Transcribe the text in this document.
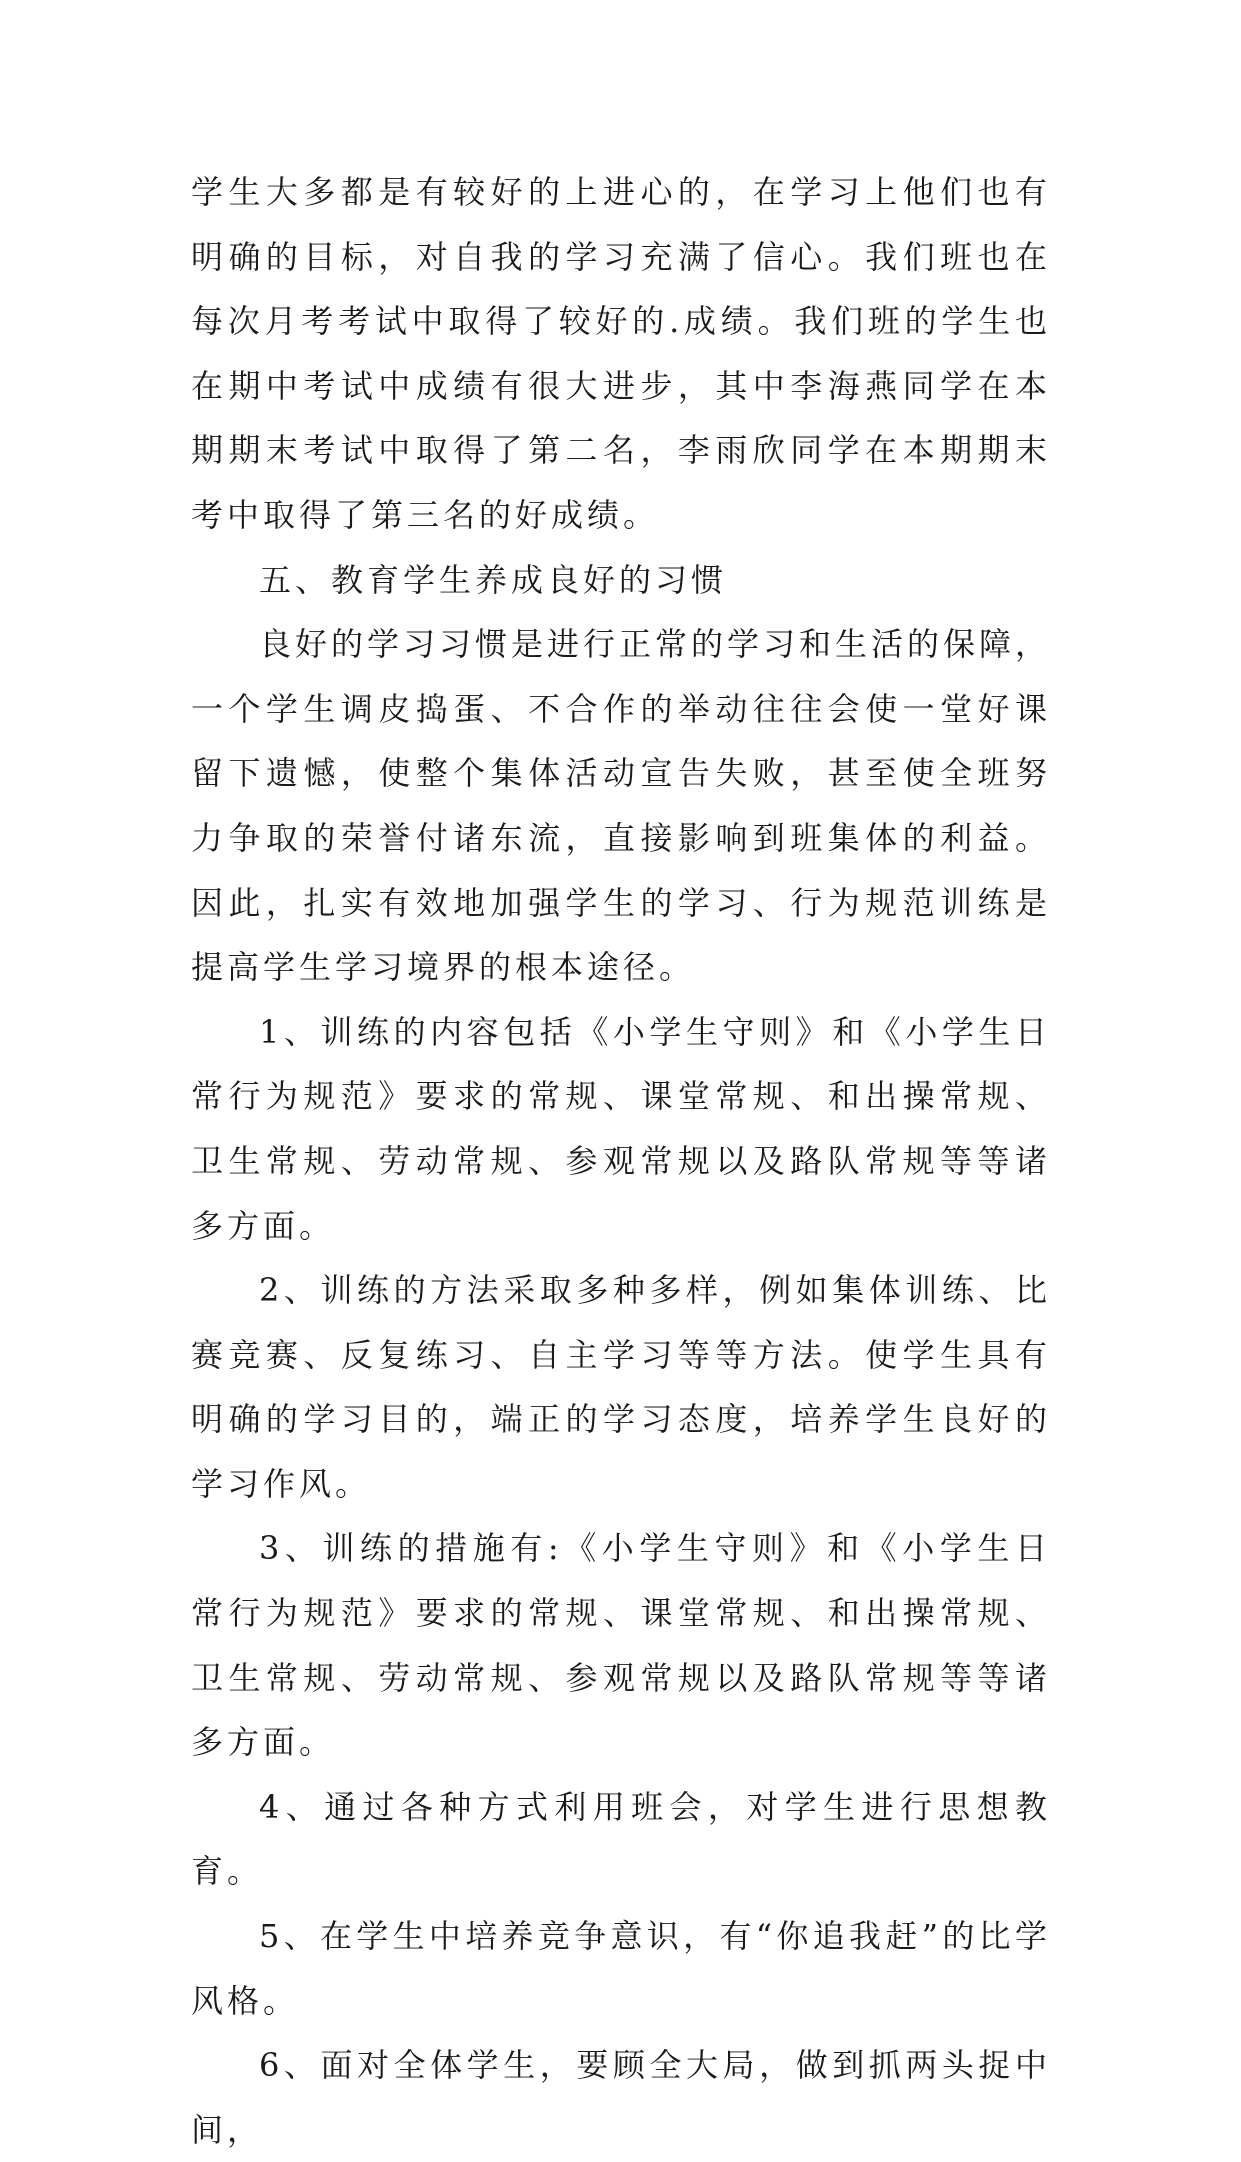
学生大多都是有较好的上进心的，在学习上他们也有明确的目标，对自我的学习充满了信心。我们班也在每次月考考试中取得了较好的.成绩。我们班的学生也在期中考试中成绩有很大进步，其中李海燕同学在本期期末考试中取得了第二名，李雨欣同学在本期期末考中取得了第三名的好成绩。

五、教育学生养成良好的习惯

良好的学习习惯是进行正常的学习和生活的保障，一个学生调皮捣蛋、不合作的举动往往会使一堂好课留下遗憾，使整个集体活动宣告失败，甚至使全班努力争取的荣誉付诸东流，直接影响到班集体的利益。因此，扎实有效地加强学生的学习、行为规范训练是提高学生学习境界的根本途径。

1、训练的内容包括《小学生守则》和《小学生日常行为规范》要求的常规、课堂常规、和出操常规、卫生常规、劳动常规、参观常规以及路队常规等等诸多方面。

2、训练的方法采取多种多样，例如集体训练、比赛竞赛、反复练习、自主学习等等方法。使学生具有明确的学习目的，端正的学习态度，培养学生良好的学习作风。

3、训练的措施有:《小学生守则》和《小学生日常行为规范》要求的常规、课堂常规、和出操常规、卫生常规、劳动常规、参观常规以及路队常规等等诸多方面。

4、通过各种方式利用班会，对学生进行思想教育。

5、在学生中培养竞争意识，有“你追我赶”的比学风格。

6、面对全体学生，要顾全大局，做到抓两头捉中间，
